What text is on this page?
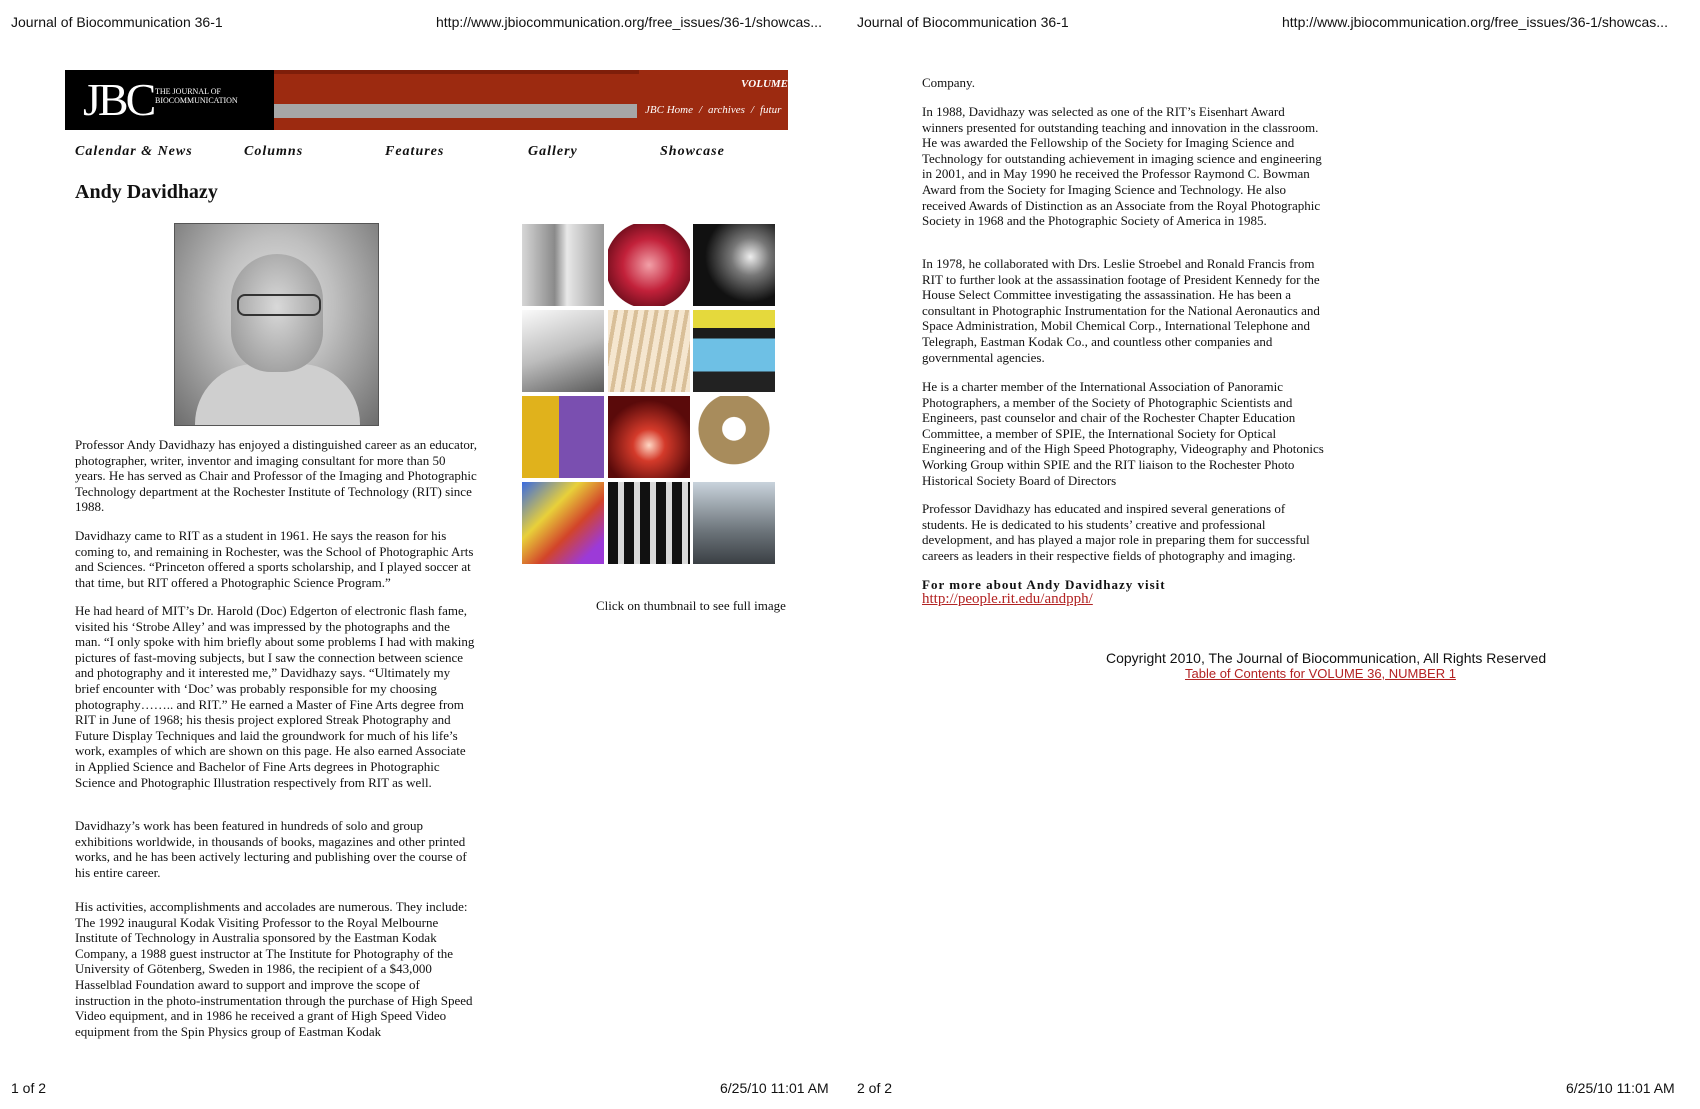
Journal of Biocommunication 36-1	http://www.jbiocommunication.org/free_issues/36-1/showcas...	Journal of Biocommunication 36-1	http://www.jbiocommunication.org/free_issues/36-1/showcas...
JBC THE JOURNAL OF
BIOCOMMUNICATION
VOLUME
JBC Home / archives / futur
Calendar & News	Columns	Features	Gallery	Showcase
Andy Davidhazy

Professor Andy Davidhazy has enjoyed a distinguished career as an educator, photographer, writer, inventor and imaging consultant for more than 50 years. He has served as Chair and Professor of the Imaging and Photographic Technology department at the Rochester Institute of Technology (RIT) since 1988.

Davidhazy came to RIT as a student in 1961. He says the reason for his coming to, and remaining in Rochester, was the School of Photographic Arts and Sciences. “Princeton offered a sports scholarship, and I played soccer at that time, but RIT offered a Photographic Science Program.”

He had heard of MIT’s Dr. Harold (Doc) Edgerton of electronic flash fame, visited his ‘Strobe Alley’ and was impressed by the photographs and the man. “I only spoke with him briefly about some problems I had with making pictures of fast-moving subjects, but I saw the connection between science and photography and it interested me,” Davidhazy says. “Ultimately my brief encounter with ‘Doc’ was probably responsible for my choosing photography…….. and RIT.” He earned a Master of Fine Arts degree from RIT in June of 1968; his thesis project explored Streak Photography and Future Display Techniques and laid the groundwork for much of his life’s work, examples of which are shown on this page. He also earned Associate in Applied Science and Bachelor of Fine Arts degrees in Photographic Science and Photographic Illustration respectively from RIT as well.

Davidhazy’s work has been featured in hundreds of solo and group exhibitions worldwide, in thousands of books, magazines and other printed works, and he has been actively lecturing and publishing over the course of his entire career.

His activities, accomplishments and accolades are numerous. They include: The 1992 inaugural Kodak Visiting Professor to the Royal Melbourne Institute of Technology in Australia sponsored by the Eastman Kodak Company, a 1988 guest instructor at The Institute for Photography of the University of Götenberg, Sweden in 1986, the recipient of a $43,000 Hasselblad Foundation award to support and improve the scope of instruction in the photo-instrumentation through the purchase of High Speed Video equipment, and in 1986 he received a grant of High Speed Video equipment from the Spin Physics group of Eastman Kodak

Click on thumbnail to see full image

Company.

In 1988, Davidhazy was selected as one of the RIT’s Eisenhart Award winners presented for outstanding teaching and innovation in the classroom. He was awarded the Fellowship of the Society for Imaging Science and Technology for outstanding achievement in imaging science and engineering in 2001, and in May 1990 he received the Professor Raymond C. Bowman Award from the Society for Imaging Science and Technology. He also received Awards of Distinction as an Associate from the Royal Photographic Society in 1968 and the Photographic Society of America in 1985.

In 1978, he collaborated with Drs. Leslie Stroebel and Ronald Francis from RIT to further look at the assassination footage of President Kennedy for the House Select Committee investigating the assassination. He has been a consultant in Photographic Instrumentation for the National Aeronautics and Space Administration, Mobil Chemical Corp., International Telephone and Telegraph, Eastman Kodak Co., and countless other companies and governmental agencies.

He is a charter member of the International Association of Panoramic Photographers, a member of the Society of Photographic Scientists and Engineers, past counselor and chair of the Rochester Chapter Education Committee, a member of SPIE, the International Society for Optical Engineering and of the High Speed Photography, Videography and Photonics Working Group within SPIE and the RIT liaison to the Rochester Photo Historical Society Board of Directors

Professor Davidhazy has educated and inspired several generations of students. He is dedicated to his students’ creative and professional development, and has played a major role in preparing them for successful careers as leaders in their respective fields of photography and imaging.

For more about Andy Davidhazy visit
http://people.rit.edu/andpph/
Copyright 2010, The Journal of Biocommunication, All Rights Reserved
Table of Contents for VOLUME 36, NUMBER 1
1 of 2	6/25/10 11:01 AM 2 of 2	6/25/10 11:01 AM
